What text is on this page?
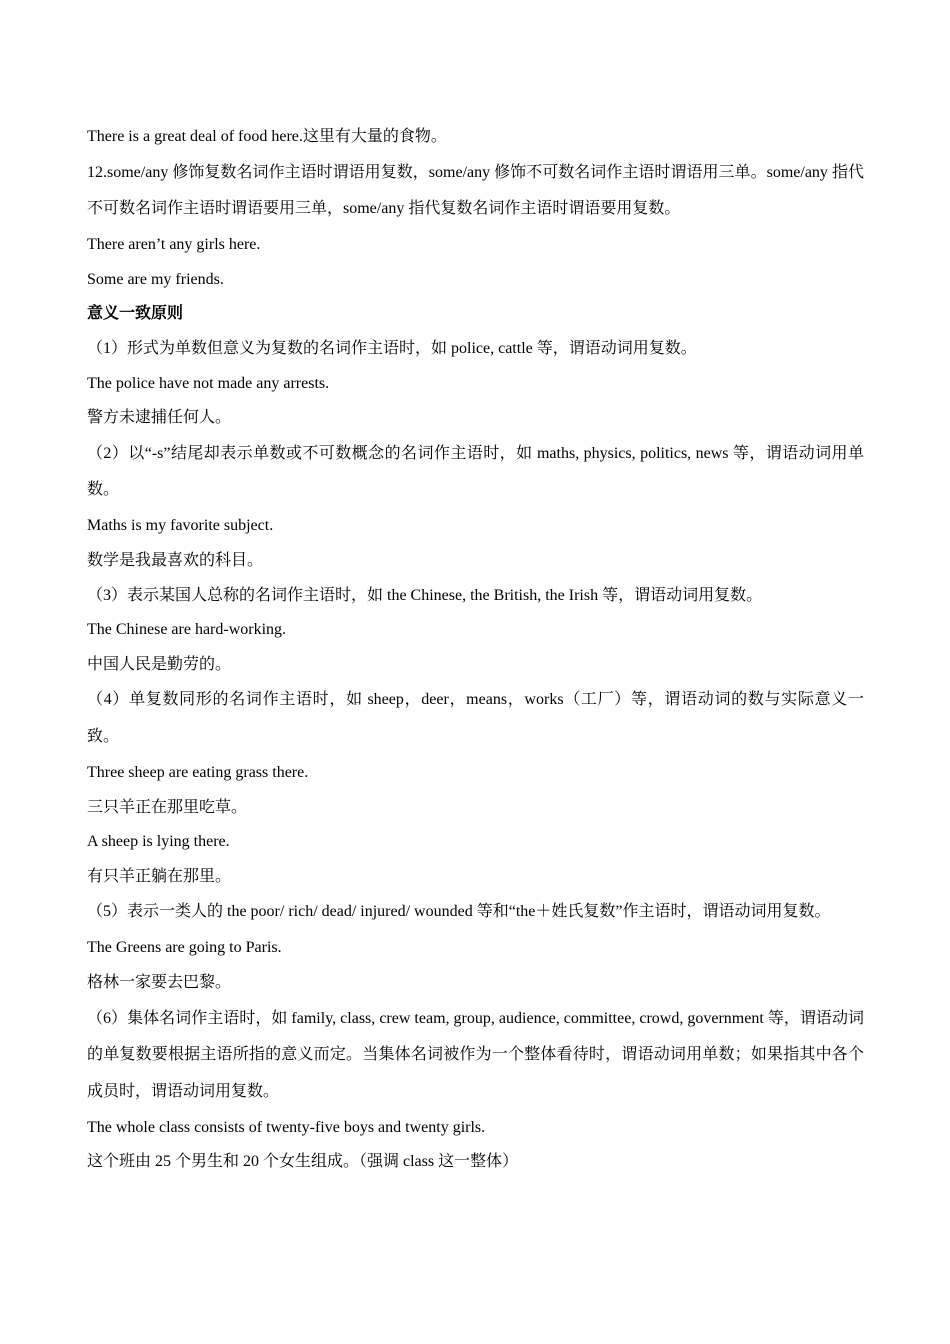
There is a great deal of food here.这里有大量的食物。

12.some/any 修饰复数名词作主语时谓语用复数，some/any 修饰不可数名词作主语时谓语用三单。some/any 指代不可数名词作主语时谓语要用三单，some/any 指代复数名词作主语时谓语要用复数。

There aren’t any girls here.

Some are my friends.

意义一致原则

（1）形式为单数但意义为复数的名词作主语时，如 police, cattle 等，谓语动词用复数。

The police have not made any arrests.

警方未逮捕任何人。

（2）以“-s”结尾却表示单数或不可数概念的名词作主语时，如 maths, physics, politics, news 等，谓语动词用单数。

Maths is my favorite subject.

数学是我最喜欢的科目。

（3）表示某国人总称的名词作主语时，如 the Chinese, the British, the Irish 等，谓语动词用复数。

The Chinese are hard-working.

中国人民是勤劳的。

（4）单复数同形的名词作主语时，如 sheep，deer，means，works（工厂）等，谓语动词的数与实际意义一致。

Three sheep are eating grass there.

三只羊正在那里吃草。

A sheep is lying there.

有只羊正躺在那里。

（5）表示一类人的 the poor/ rich/ dead/ injured/ wounded 等和“the＋姓氏复数”作主语时，谓语动词用复数。

The Greens are going to Paris.

格林一家要去巴黎。

（6）集体名词作主语时，如 family, class, crew team, group, audience, committee, crowd, government 等，谓语动词的单复数要根据主语所指的意义而定。当集体名词被作为一个整体看待时，谓语动词用单数；如果指其中各个成员时，谓语动词用复数。

The whole class consists of twenty-five boys and twenty girls.

这个班由 25 个男生和 20 个女生组成。（强调 class 这一整体）
